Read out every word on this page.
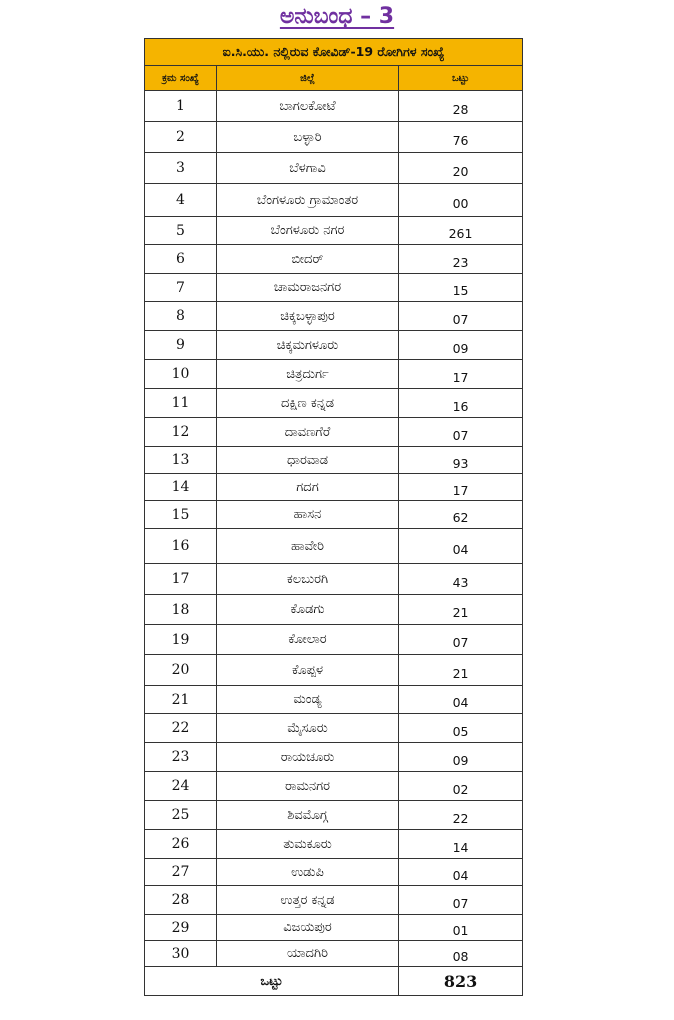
ಅನುಬಂಧ – 3
ಐ.ಸಿ.ಯು. ನಲ್ಲಿರುವ ಕೋವಿಡ್-19 ರೋಗಿಗಳ ಸಂಖ್ಯೆ		
ಕ್ರಮ ಸಂಖ್ಯೆ	ಜಿಲ್ಲೆ	ಒಟ್ಟು
1	ಬಾಗಲಕೋಟೆ	28
2	ಬಳ್ಳಾರಿ	76
3	ಬೆಳಗಾವಿ	20
4	ಬೆಂಗಳೂರು ಗ್ರಾಮಾಂತರ	00
5	ಬೆಂಗಳೂರು ನಗರ	261
6	ಬೀದರ್	23
7	ಚಾಮರಾಜನಗರ	15
8	ಚಿಕ್ಕಬಳ್ಳಾಪುರ	07
9	ಚಿಕ್ಕಮಗಳೂರು	09
10	ಚಿತ್ರದುರ್ಗ	17
11	ದಕ್ಷಿಣ ಕನ್ನಡ	16
12	ದಾವಣಗೆರೆ	07
13	ಧಾರವಾಡ	93
14	ಗದಗ	17
15	ಹಾಸನ	62
16	ಹಾವೇರಿ	04
17	ಕಲಬುರಗಿ	43
18	ಕೊಡಗು	21
19	ಕೋಲಾರ	07
20	ಕೊಪ್ಪಳ	21
21	ಮಂಡ್ಯ	04
22	ಮೈಸೂರು	05
23	ರಾಯಚೂರು	09
24	ರಾಮನಗರ	02
25	ಶಿವಮೊಗ್ಗ	22
26	ತುಮಕೂರು	14
27	ಉಡುಪಿ	04
28	ಉತ್ತರ ಕನ್ನಡ	07
29	ವಿಜಯಪುರ	01
30	ಯಾದಗಿರಿ	08
ಒಟ್ಟು		823
